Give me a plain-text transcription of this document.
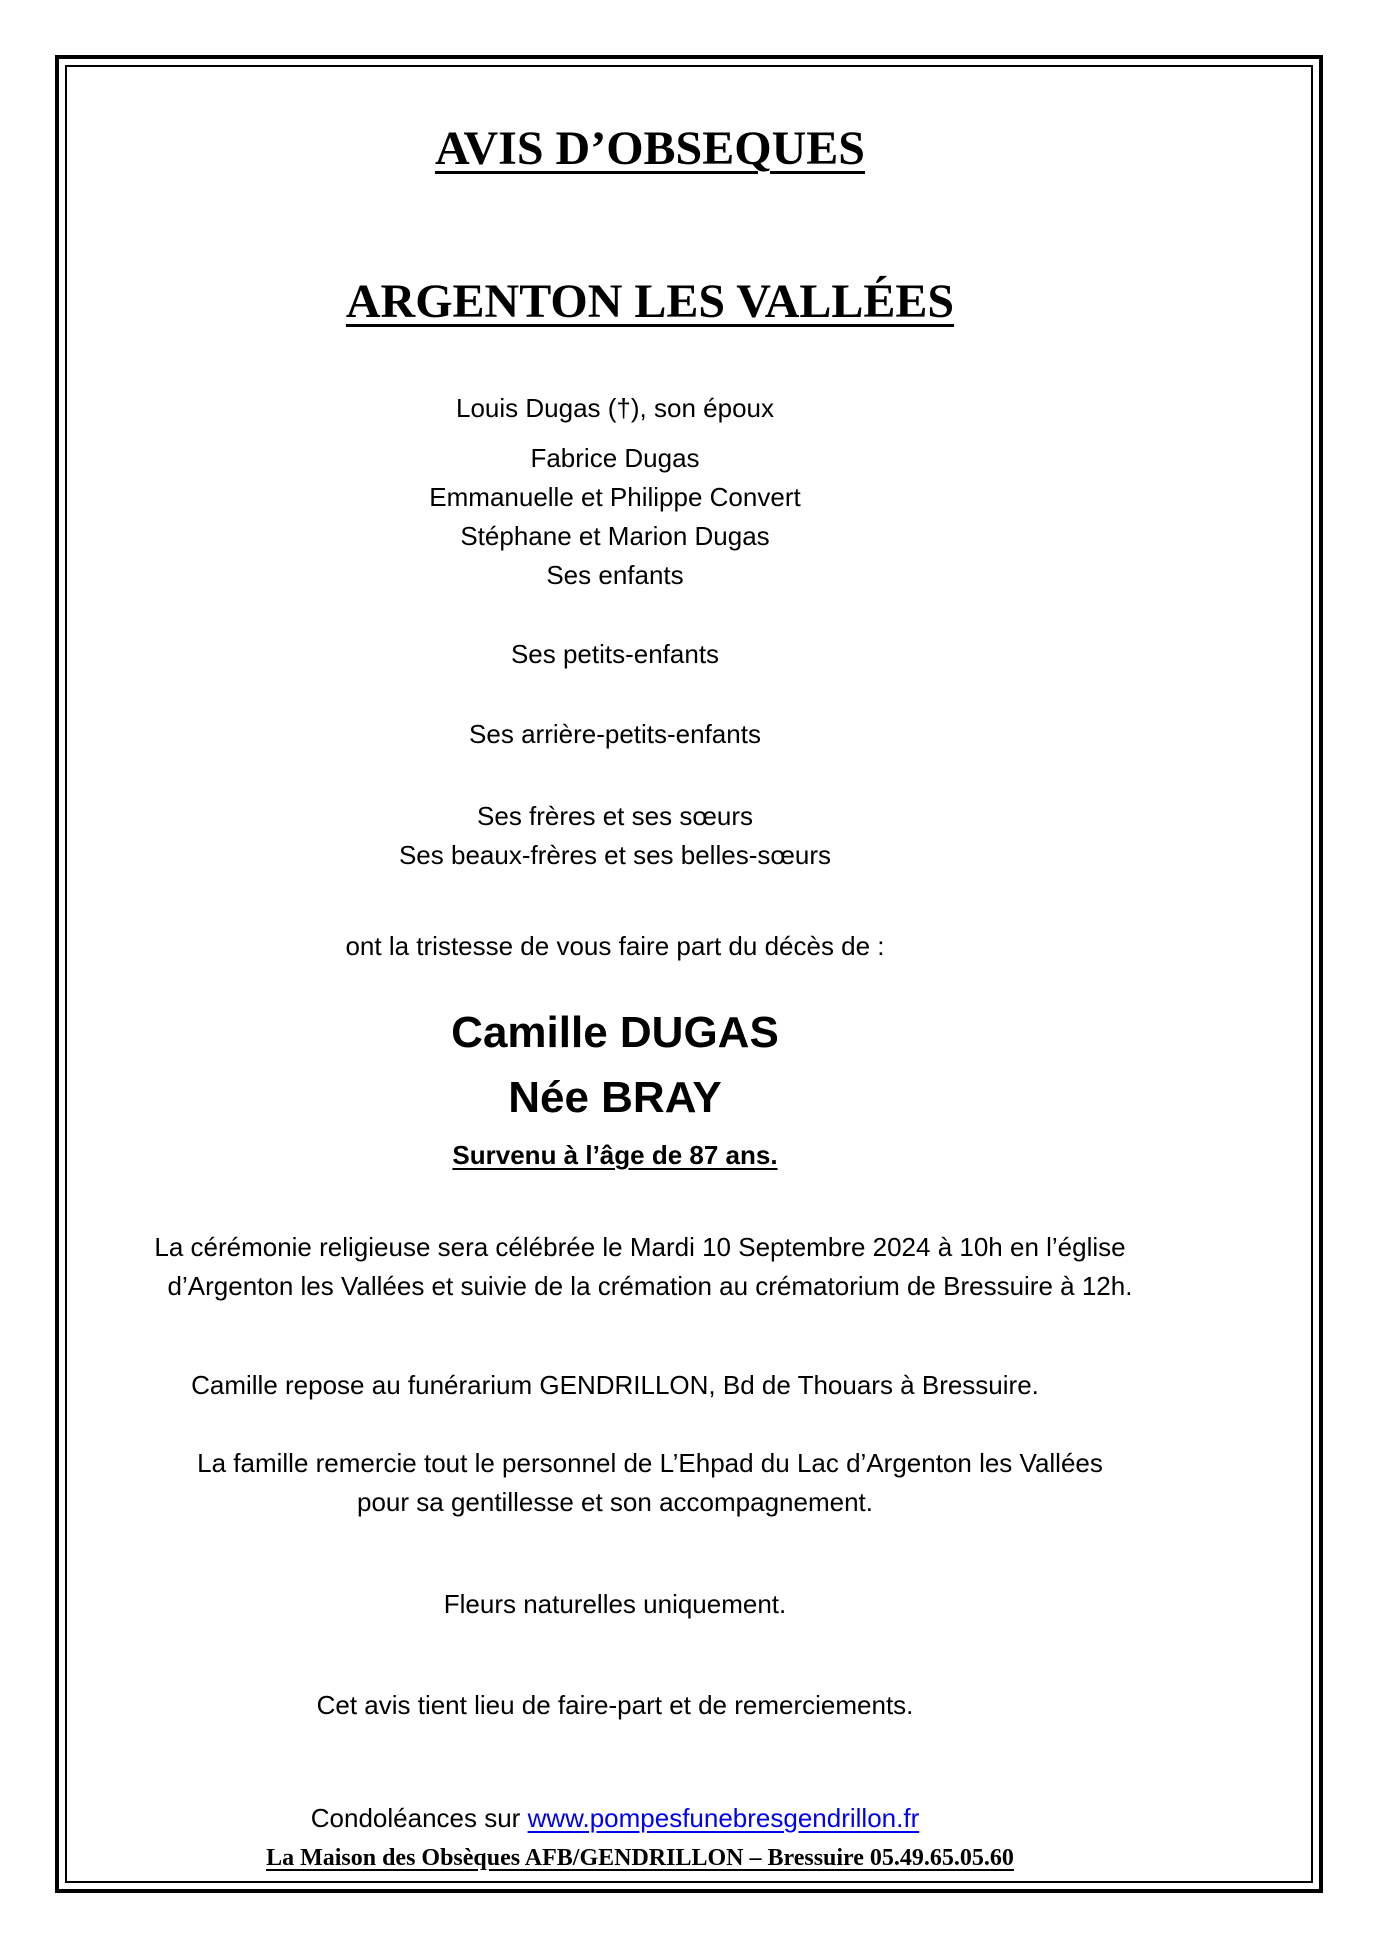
AVIS D’OBSEQUES
ARGENTON LES VALLÉES
Louis Dugas (†), son époux
Fabrice Dugas
Emmanuelle et Philippe Convert
Stéphane et Marion Dugas
Ses enfants
Ses petits-enfants
Ses arrière-petits-enfants
Ses frères et ses sœurs
Ses beaux-frères et ses belles-sœurs
ont la tristesse de vous faire part du décès de :
Camille DUGAS
Née BRAY
Survenu à l’âge de 87 ans.
La cérémonie religieuse sera célébrée le Mardi 10 Septembre 2024 à 10h en l’église
d’Argenton les Vallées et suivie de la crémation au crématorium de Bressuire à 12h.
Camille repose au funérarium GENDRILLON, Bd de Thouars à Bressuire.
La famille remercie tout le personnel de L’Ehpad du Lac d’Argenton les Vallées
pour sa gentillesse et son accompagnement.
Fleurs naturelles uniquement.
Cet avis tient lieu de faire-part et de remerciements.
Condoléances sur www.pompesfunebresgendrillon.fr
La Maison des Obsèques AFB/GENDRILLON – Bressuire 05.49.65.05.60
